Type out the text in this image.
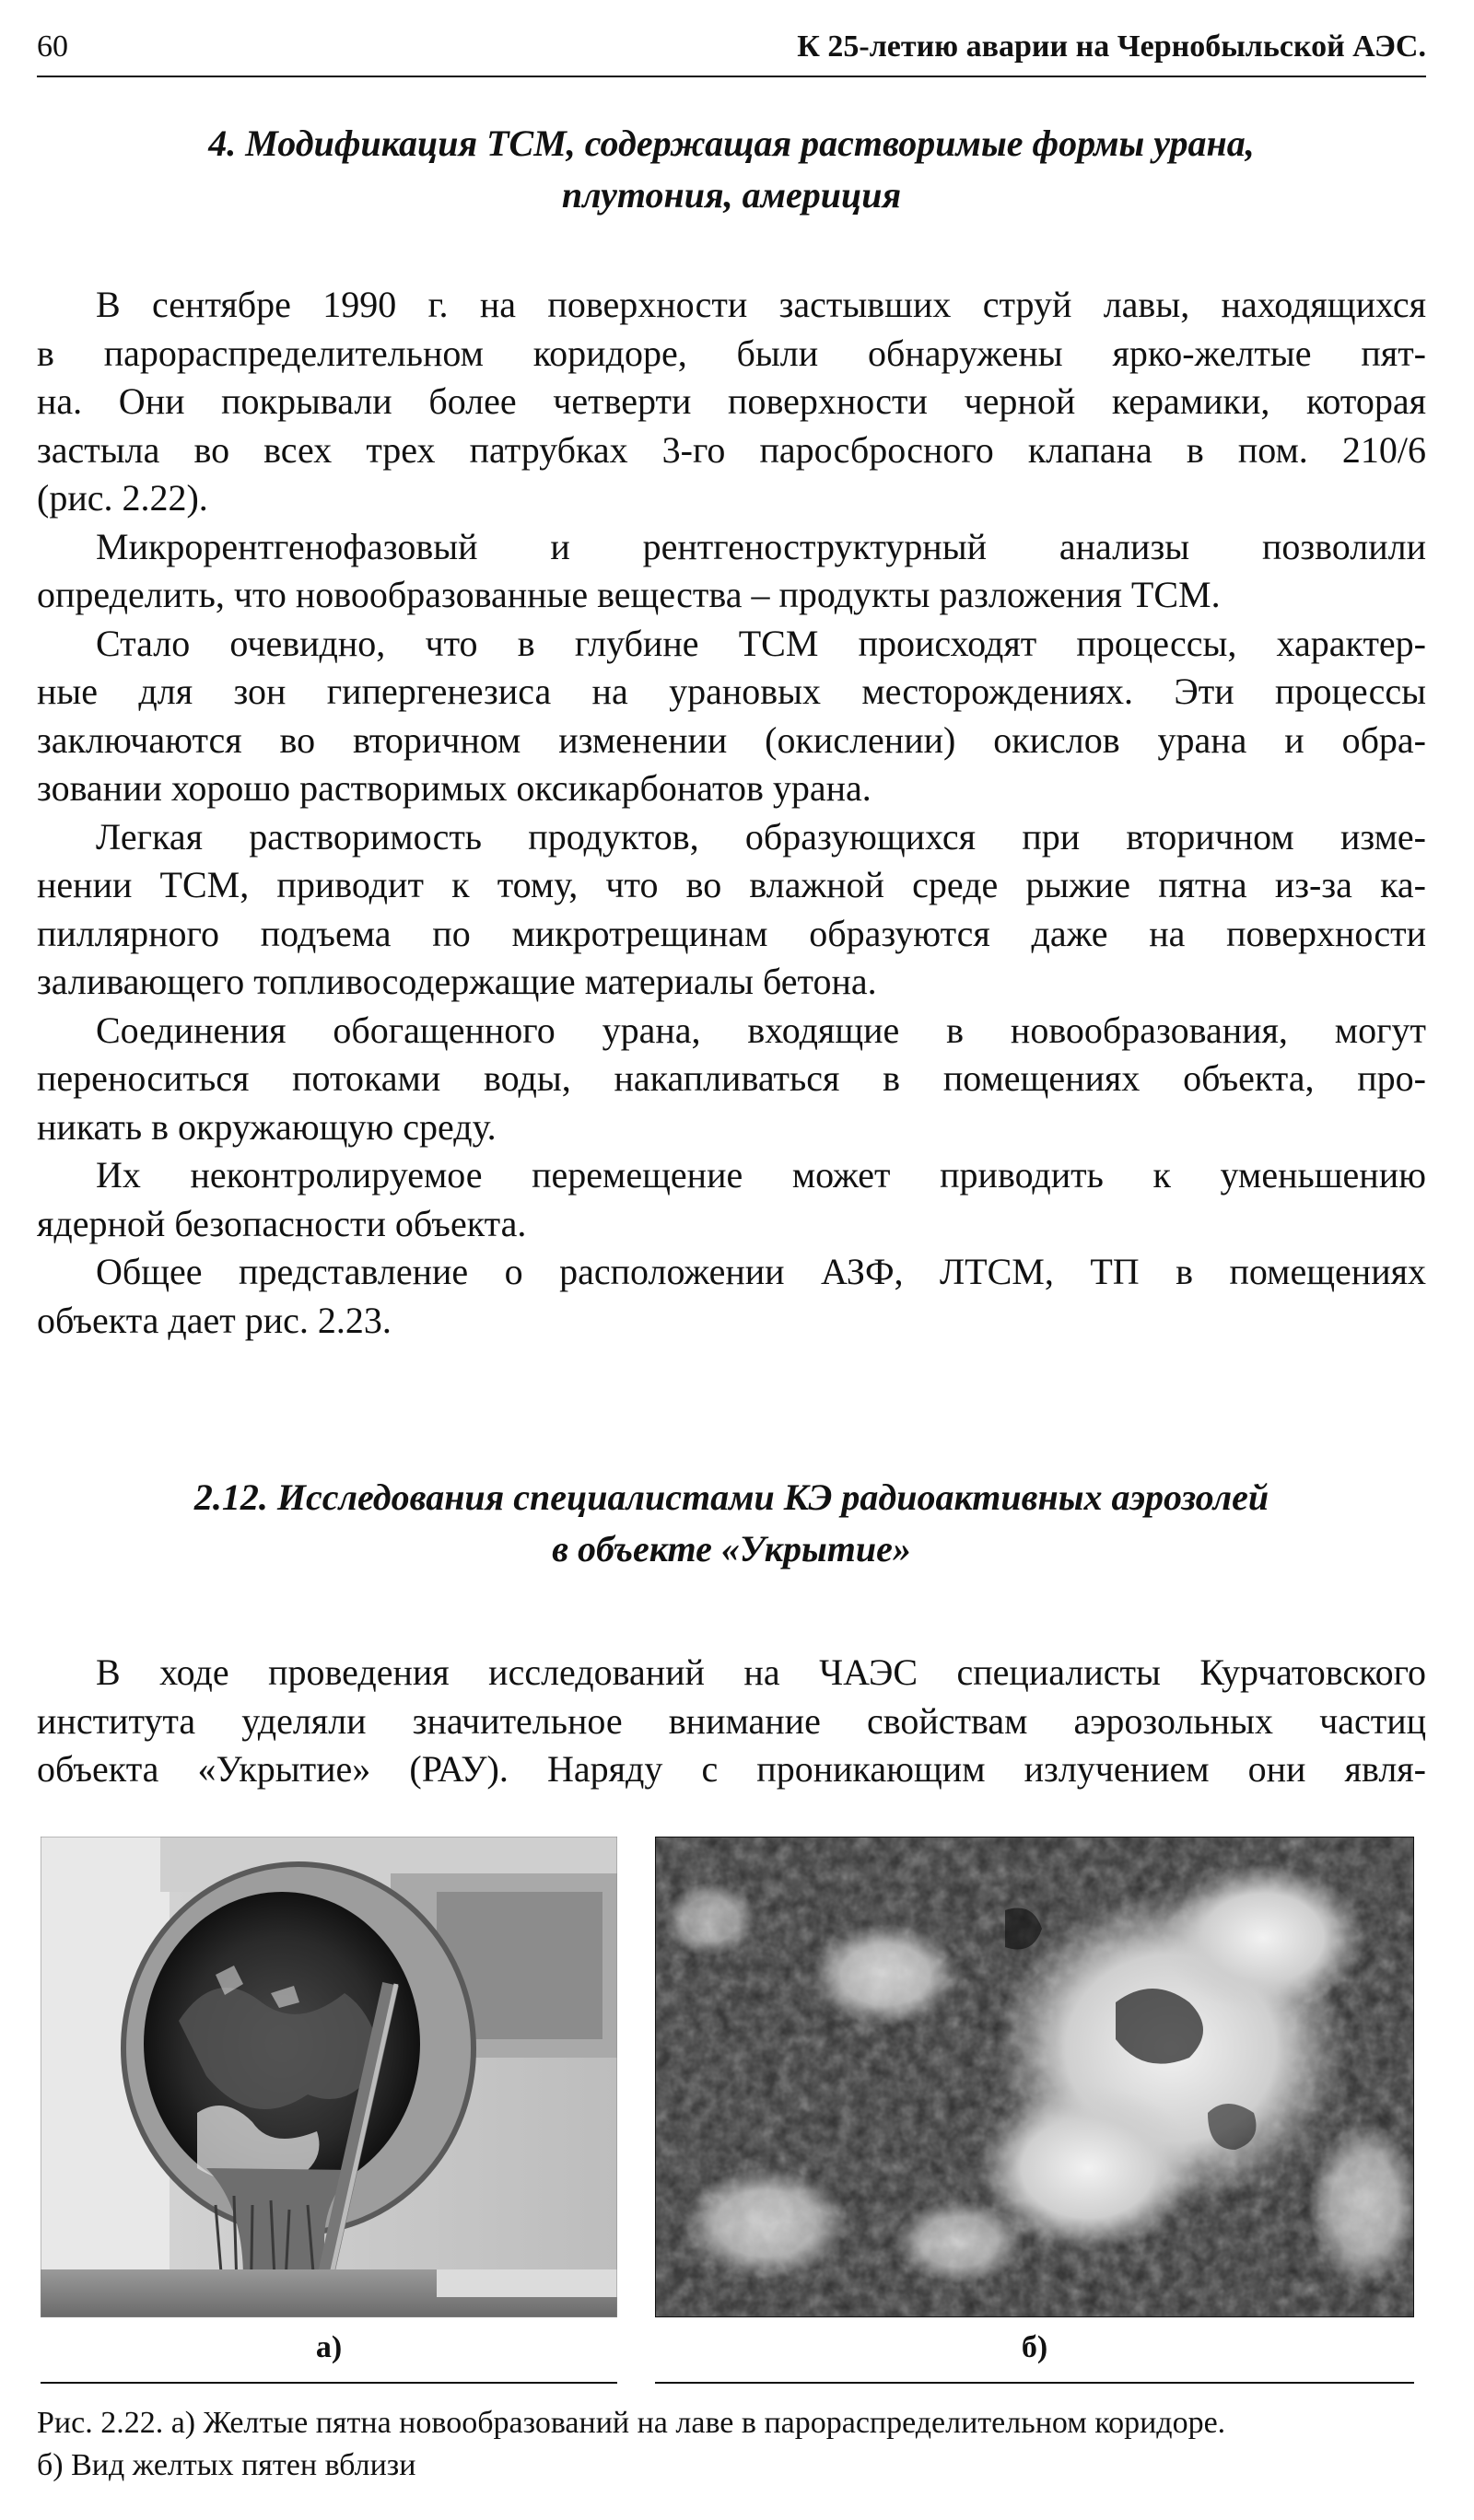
60	К 25-летию аварии на Чернобыльской АЭС.
4. Модификация ТСМ, содержащая растворимые формы урана,
плутония, америция
В сентябре 1990 г. на поверхности застывших струй лавы, находящихся
в парораспределительном коридоре, были обнаружены ярко-желтые пят-
на. Они покрывали более четверти поверхности черной керамики, которая
застыла во всех трех патрубках 3-го паросбросного клапана в пом. 210/6
(рис. 2.22).
Микрорентгенофазовый и рентгеноструктурный анализы позволили
определить, что новообразованные вещества – продукты разложения ТСМ.
Стало очевидно, что в глубине ТСМ происходят процессы, характер-
ные для зон гипергенезиса на урановых месторождениях. Эти процессы
заключаются во вторичном изменении (окислении) окислов урана и обра-
зовании хорошо растворимых оксикарбонатов урана.
Легкая растворимость продуктов, образующихся при вторичном изме-
нении ТСМ, приводит к тому, что во влажной среде рыжие пятна из-за ка-
пиллярного подъема по микротрещинам образуются даже на поверхности
заливающего топливосодержащие материалы бетона.
Соединения обогащенного урана, входящие в новообразования, могут
переноситься потоками воды, накапливаться в помещениях объекта, про-
никать в окружающую среду.
Их неконтролируемое перемещение может приводить к уменьшению
ядерной безопасности объекта.
Общее представление о расположении АЗФ, ЛТСМ, ТП в помещениях
объекта дает рис. 2.23.
2.12. Исследования специалистами КЭ радиоактивных аэрозолей
в объекте «Укрытие»
В ходе проведения исследований на ЧАЭС специалисты Курчатовского
института уделяли значительное внимание свойствам аэрозольных частиц
объекта «Укрытие» (РАУ). Наряду с проникающим излучением они явля-
а)	б)
Рис. 2.22. а) Желтые пятна новообразований на лаве в парораспределительном коридоре.
б) Вид желтых пятен вблизи
